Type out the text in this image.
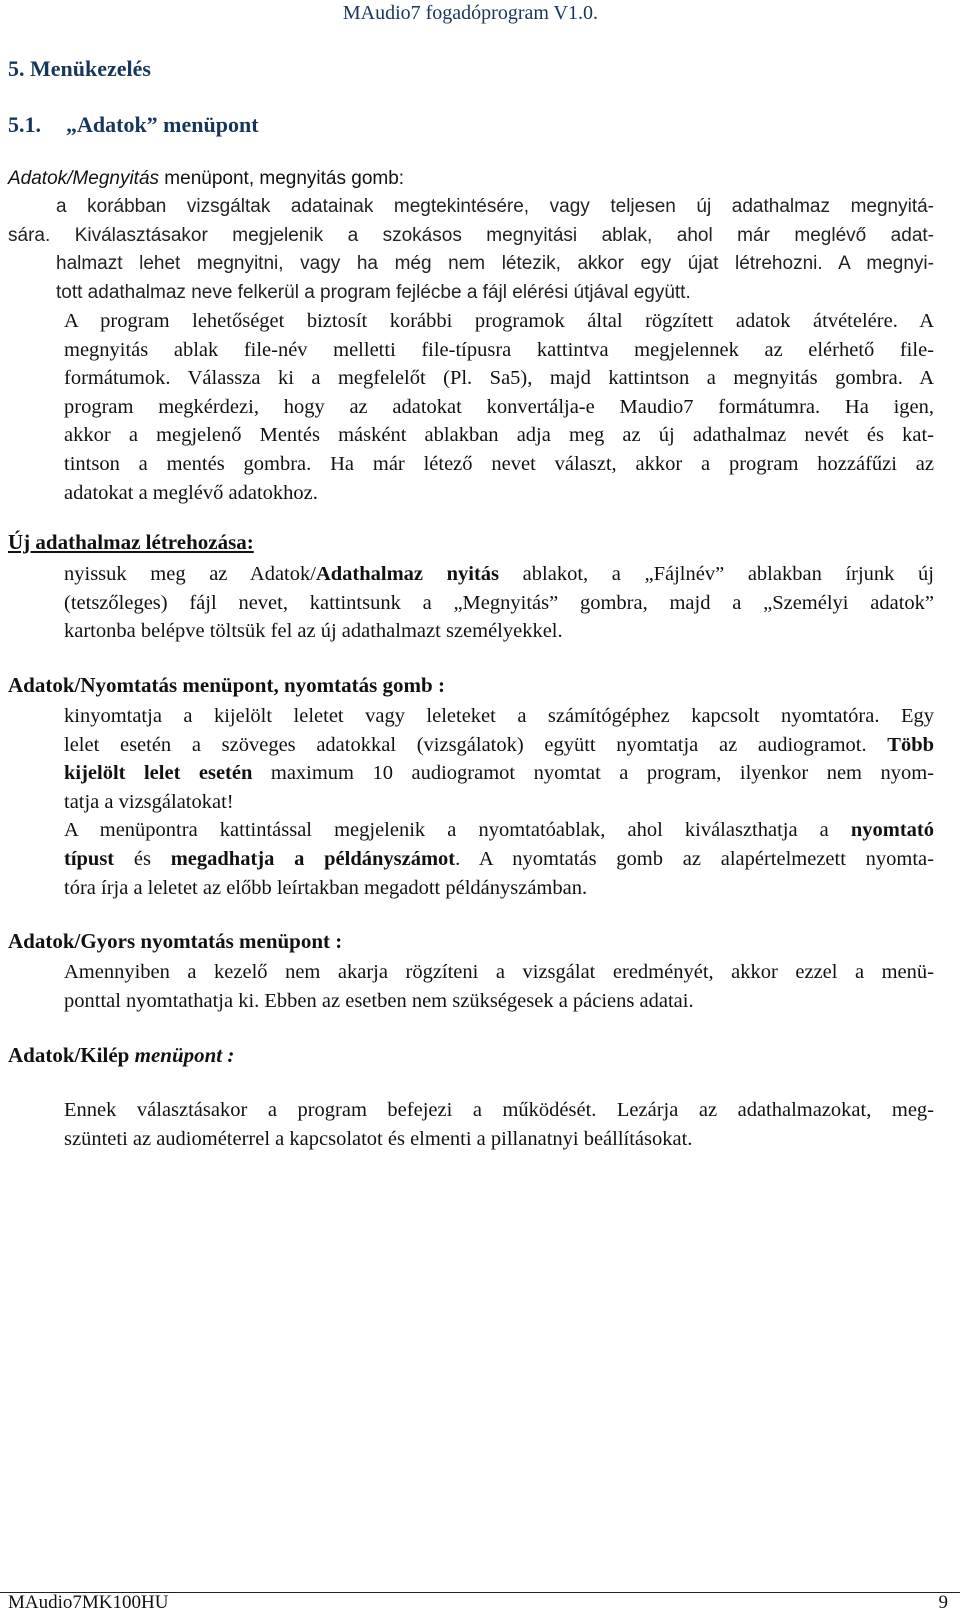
MAudio7 fogadóprogram V1.0.
5. Menükezelés
5.1. „Adatok” menüpont
Adatok/Megnyitás menüpont, megnyitás gomb:
a korábban vizsgáltak adatainak megtekintésére, vagy teljesen új adathalmaz megnyitá-
sára. Kiválasztásakor megjelenik a szokásos megnyitási ablak, ahol már meglévő adat-
halmazt lehet megnyitni, vagy ha még nem létezik, akkor egy újat létrehozni. A megnyi-
tott adathalmaz neve felkerül a program fejlécbe a fájl elérési útjával együtt.
A program lehetőséget biztosít korábbi programok által rögzített adatok átvételére. A
megnyitás ablak file-név melletti file-típusra kattintva megjelennek az elérhető file-
formátumok. Válassza ki a megfelelőt (Pl. Sa5), majd kattintson a megnyitás gombra. A
program megkérdezi, hogy az adatokat konvertálja-e Maudio7 formátumra. Ha igen,
akkor a megjelenő Mentés másként ablakban adja meg az új adathalmaz nevét és kat-
tintson a mentés gombra. Ha már létező nevet választ, akkor a program hozzáfűzi az
adatokat a meglévő adatokhoz.
Új adathalmaz létrehozása:
nyissuk meg az Adatok/Adathalmaz nyitás ablakot, a „Fájlnév” ablakban írjunk új
(tetszőleges) fájl nevet, kattintsunk a „Megnyitás” gombra, majd a „Személyi adatok”
kartonba belépve töltsük fel az új adathalmazt személyekkel.
Adatok/Nyomtatás menüpont, nyomtatás gomb :
kinyomtatja a kijelölt leletet vagy leleteket a számítógéphez kapcsolt nyomtatóra. Egy
lelet esetén a szöveges adatokkal (vizsgálatok) együtt nyomtatja az audiogramot. Több
kijelölt lelet esetén maximum 10 audiogramot nyomtat a program, ilyenkor nem nyom-
tatja a vizsgálatokat!
A menüpontra kattintással megjelenik a nyomtatóablak, ahol kiválaszthatja a nyomtató
típust és megadhatja a példányszámot. A nyomtatás gomb az alapértelmezett nyomta-
tóra írja a leletet az előbb leírtakban megadott példányszámban.
Adatok/Gyors nyomtatás menüpont :
Amennyiben a kezelő nem akarja rögzíteni a vizsgálat eredményét, akkor ezzel a menü-
ponttal nyomtathatja ki. Ebben az esetben nem szükségesek a páciens adatai.
Adatok/Kilép menüpont :
Ennek választásakor a program befejezi a működését. Lezárja az adathalmazokat, meg-
szünteti az audiométerrel a kapcsolatot és elmenti a pillanatnyi beállításokat.
MAudio7MK100HU	9
